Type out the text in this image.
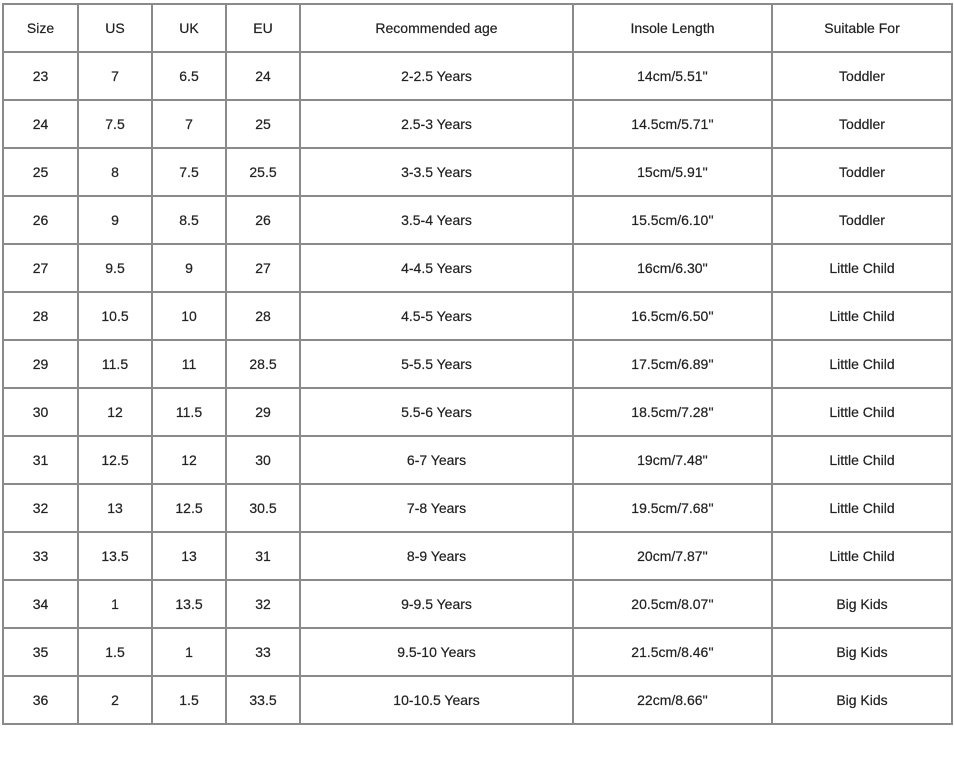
Size	US	UK	EU	Recommended age	Insole Length	Suitable For
23	7	6.5	24	2-2.5 Years	14cm/5.51''	Toddler
24	7.5	7	25	2.5-3 Years	14.5cm/5.71''	Toddler
25	8	7.5	25.5	3-3.5 Years	15cm/5.91''	Toddler
26	9	8.5	26	3.5-4 Years	15.5cm/6.10''	Toddler
27	9.5	9	27	4-4.5 Years	16cm/6.30''	Little Child
28	10.5	10	28	4.5-5 Years	16.5cm/6.50''	Little Child
29	11.5	11	28.5	5-5.5 Years	17.5cm/6.89''	Little Child
30	12	11.5	29	5.5-6 Years	18.5cm/7.28''	Little Child
31	12.5	12	30	6-7 Years	19cm/7.48''	Little Child
32	13	12.5	30.5	7-8 Years	19.5cm/7.68''	Little Child
33	13.5	13	31	8-9 Years	20cm/7.87''	Little Child
34	1	13.5	32	9-9.5 Years	20.5cm/8.07''	Big Kids
35	1.5	1	33	9.5-10 Years	21.5cm/8.46''	Big Kids
36	2	1.5	33.5	10-10.5 Years	22cm/8.66''	Big Kids
